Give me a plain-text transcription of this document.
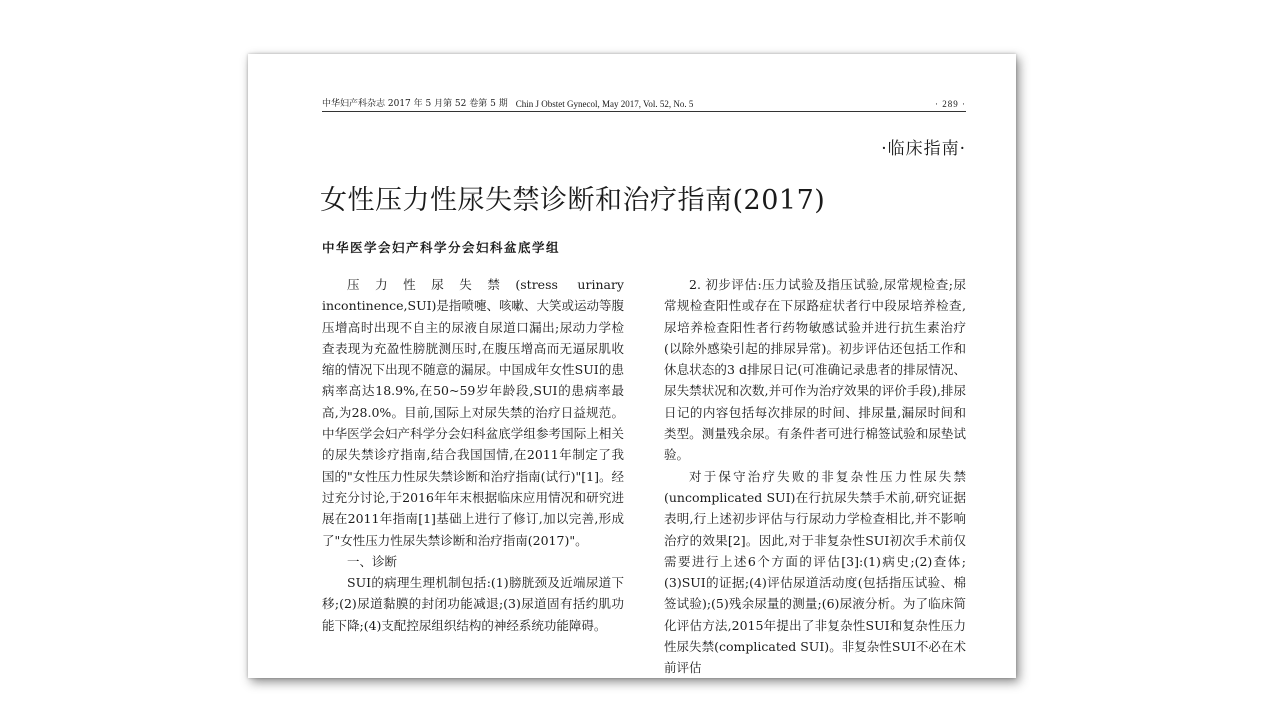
中华妇产科杂志 2017 年 5 月第 52 卷第 5 期 Chin J Obstet Gynecol, May 2017, Vol. 52, No. 5	· 289 ·
·临床指南·
女性压力性尿失禁诊断和治疗指南(2017)
中华医学会妇产科学分会妇科盆底学组

压力性尿失禁(stress urinary incontinence,SUI)是指喷嚏、咳嗽、大笑或运动等腹压增高时出现不自主的尿液自尿道口漏出;尿动力学检查表现为充盈性膀胱测压时,在腹压增高而无逼尿肌收缩的情况下出现不随意的漏尿。中国成年女性SUI的患病率高达18.9%,在50~59岁年龄段,SUI的患病率最高,为28.0%。目前,国际上对尿失禁的治疗日益规范。中华医学会妇产科学分会妇科盆底学组参考国际上相关的尿失禁诊疗指南,结合我国国情,在2011年制定了我国的"女性压力性尿失禁诊断和治疗指南(试行)"[1]。经过充分讨论,于2016年年末根据临床应用情况和研究进展在2011年指南[1]基础上进行了修订,加以完善,形成了"女性压力性尿失禁诊断和治疗指南(2017)"。

一、诊断

SUI的病理生理机制包括:(1)膀胱颈及近端尿道下移;(2)尿道黏膜的封闭功能减退;(3)尿道固有括约肌功能下降;(4)支配控尿组织结构的神经系统功能障碍。

2. 初步评估:压力试验及指压试验,尿常规检查;尿常规检查阳性或存在下尿路症状者行中段尿培养检查,尿培养检查阳性者行药物敏感试验并进行抗生素治疗(以除外感染引起的排尿异常)。初步评估还包括工作和休息状态的3 d排尿日记(可准确记录患者的排尿情况、尿失禁状况和次数,并可作为治疗效果的评价手段),排尿日记的内容包括每次排尿的时间、排尿量,漏尿时间和类型。测量残余尿。有条件者可进行棉签试验和尿垫试验。

对于保守治疗失败的非复杂性压力性尿失禁(uncomplicated SUI)在行抗尿失禁手术前,研究证据表明,行上述初步评估与行尿动力学检查相比,并不影响治疗的效果[2]。因此,对于非复杂性SUI初次手术前仅需要进行上述6个方面的评估[3]:(1)病史;(2)查体;(3)SUI的证据;(4)评估尿道活动度(包括指压试验、棉签试验);(5)残余尿量的测量;(6)尿液分析。为了临床简化评估方法,2015年提出了非复杂性SUI和复杂性压力性尿失禁(complicated SUI)。非复杂性SUI不必在术前评估
